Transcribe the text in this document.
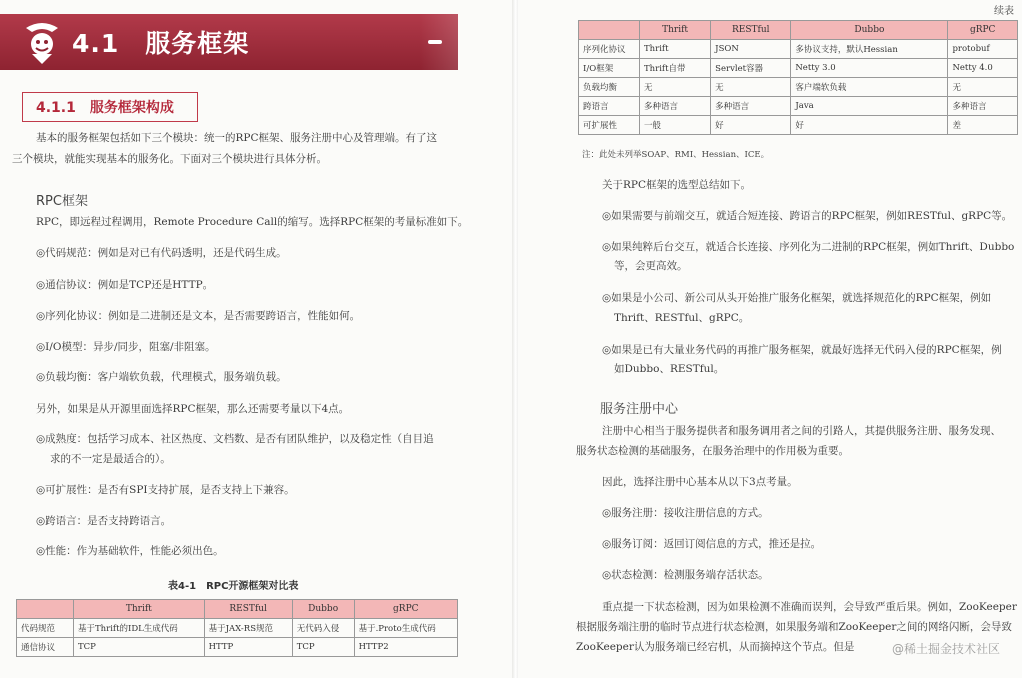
4.1　服务框架
4.1.1　服务框架构成
基本的服务框架包括如下三个模块：统一的RPC框架、服务注册中心及管理端。有了这
三个模块，就能实现基本的服务化。下面对三个模块进行具体分析。
RPC框架
RPC，即远程过程调用，Remote Procedure Call的缩写。选择RPC框架的考量标准如下。
◎代码规范：例如是对已有代码透明，还是代码生成。
◎通信协议：例如是TCP还是HTTP。
◎序列化协议：例如是二进制还是文本，是否需要跨语言，性能如何。
◎I/O模型：异步/同步，阻塞/非阻塞。
◎负载均衡：客户端软负载，代理模式，服务端负载。
另外，如果是从开源里面选择RPC框架，那么还需要考量以下4点。
◎成熟度：包括学习成本、社区热度、文档数、是否有团队维护，以及稳定性（自目追
求的不一定是最适合的）。
◎可扩展性：是否有SPI支持扩展，是否支持上下兼容。
◎跨语言：是否支持跨语言。
◎性能：作为基础软件，性能必须出色。
表4-1　RPC开源框架对比表
	Thrift	RESTful	Dubbo	gRPC
代码规范	基于Thrift的IDL生成代码	基于JAX-RS规范	无代码入侵	基于.Proto生成代码
通信协议	TCP	HTTP	TCP	HTTP2
续表
	Thrift	RESTful	Dubbo	gRPC
序列化协议	Thrift	JSON	多协议支持，默认Hessian	protobuf
I/O框架	Thrift自带	Servlet容器	Netty 3.0	Netty 4.0
负载均衡	无	无	客户端软负载	无
跨语言	多种语言	多种语言	Java	多种语言
可扩展性	一般	好	好	差
注：此处未列举SOAP、RMI、Hessian、ICE。
关于RPC框架的选型总结如下。
◎如果需要与前端交互，就适合短连接、跨语言的RPC框架，例如RESTful、gRPC等。
◎如果纯粹后台交互，就适合长连接、序列化为二进制的RPC框架，例如Thrift、Dubbo
等，会更高效。
◎如果是小公司、新公司从头开始推广服务化框架，就选择规范化的RPC框架，例如
Thrift、RESTful、gRPC。
◎如果是已有大量业务代码的再推广服务框架，就最好选择无代码入侵的RPC框架，例
如Dubbo、RESTful。
服务注册中心
注册中心相当于服务提供者和服务调用者之间的引路人，其提供服务注册、服务发现、
服务状态检测的基础服务，在服务治理中的作用极为重要。
因此，选择注册中心基本从以下3点考量。
◎服务注册：接收注册信息的方式。
◎服务订阅：返回订阅信息的方式，推还是拉。
◎状态检测：检测服务端存活状态。
重点提一下状态检测，因为如果检测不准确而误判，会导致严重后果。例如，ZooKeeper
根据服务端注册的临时节点进行状态检测，如果服务端和ZooKeeper之间的网络闪断，会导致
ZooKeeper认为服务端已经宕机，从而摘掉这个节点。但是	@稀土掘金技术社区
